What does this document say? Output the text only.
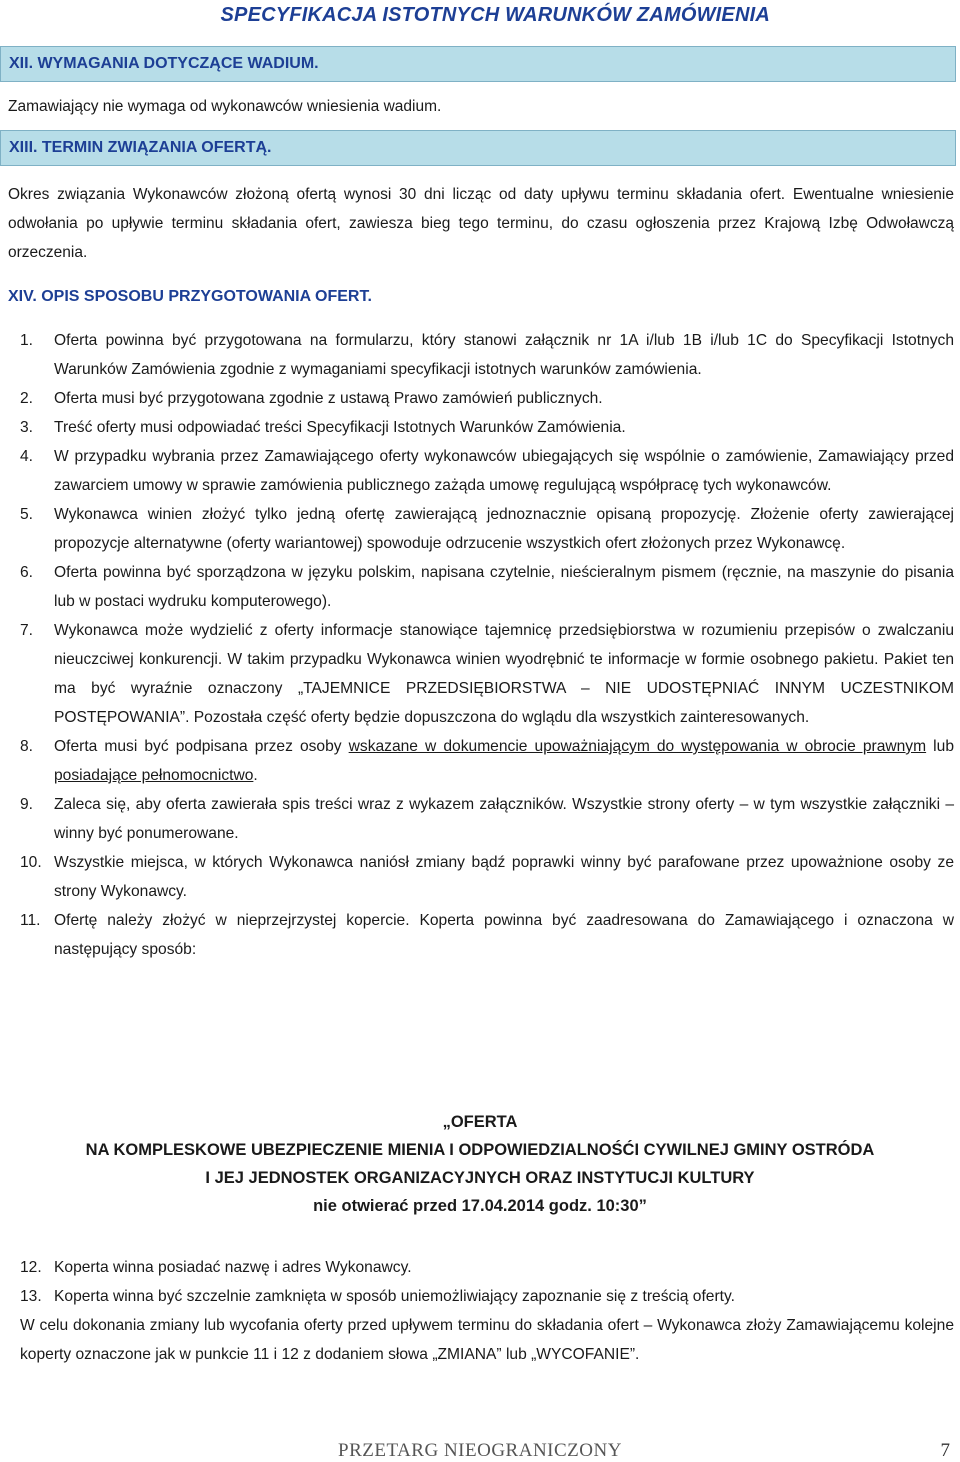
SPECYFIKACJA ISTOTNYCH WARUNKÓW ZAMÓWIENIA
XII. WYMAGANIA DOTYCZĄCE WADIUM.
Zamawiający nie wymaga od wykonawców wniesienia wadium.
XIII. TERMIN ZWIĄZANIA OFERTĄ.
Okres związania Wykonawców złożoną ofertą wynosi 30 dni licząc od daty upływu terminu składania ofert. Ewentualne wniesienie odwołania po upływie terminu składania ofert, zawiesza bieg tego terminu, do czasu ogłoszenia przez Krajową Izbę Odwoławczą orzeczenia.
XIV. OPIS SPOSOBU PRZYGOTOWANIA OFERT.
1. Oferta powinna być przygotowana na formularzu, który stanowi załącznik nr 1A i/lub 1B i/lub 1C do Specyfikacji Istotnych Warunków Zamówienia zgodnie z wymaganiami specyfikacji istotnych warunków zamówienia.
2. Oferta musi być przygotowana zgodnie z ustawą Prawo zamówień publicznych.
3. Treść oferty musi odpowiadać treści Specyfikacji Istotnych Warunków Zamówienia.
4. W przypadku wybrania przez Zamawiającego oferty wykonawców ubiegających się wspólnie o zamówienie, Zamawiający przed zawarciem umowy w sprawie zamówienia publicznego zażąda umowę regulującą współpracę tych wykonawców.
5. Wykonawca winien złożyć tylko jedną ofertę zawierającą jednoznacznie opisaną propozycję. Złożenie oferty zawierającej propozycje alternatywne (oferty wariantowej) spowoduje odrzucenie wszystkich ofert złożonych przez Wykonawcę.
6. Oferta powinna być sporządzona w języku polskim, napisana czytelnie, nieścieralnym pismem (ręcznie, na maszynie do pisania lub w postaci wydruku komputerowego).
7. Wykonawca może wydzielić z oferty informacje stanowiące tajemnicę przedsiębiorstwa w rozumieniu przepisów o zwalczaniu nieuczciwej konkurencji. W takim przypadku Wykonawca winien wyodrębnić te informacje w formie osobnego pakietu. Pakiet ten ma być wyraźnie oznaczony „TAJEMNICE PRZEDSIĘBIORSTWA – NIE UDOSTĘPNIAĆ INNYM UCZESTNIKOM POSTĘPOWANIA”. Pozostała część oferty będzie dopuszczona do wglądu dla wszystkich zainteresowanych.
8. Oferta musi być podpisana przez osoby wskazane w dokumencie upoważniającym do występowania w obrocie prawnym lub posiadające pełnomocnictwo.
9. Zaleca się, aby oferta zawierała spis treści wraz z wykazem załączników. Wszystkie strony oferty – w tym wszystkie załączniki – winny być ponumerowane.
10. Wszystkie miejsca, w których Wykonawca naniósł zmiany bądź poprawki winny być parafowane przez upoważnione osoby ze strony Wykonawcy.
11. Ofertę należy złożyć w nieprzejrzystej kopercie. Koperta powinna być zaadresowana do Zamawiającego i oznaczona w następujący sposób:
„OFERTA
NA KOMPLESKOWE UBEZPIECZENIE MIENIA I ODPOWIEDZIALNOŚĆI CYWILNEJ GMINY OSTRÓDA
I JEJ JEDNOSTEK ORGANIZACYJNYCH ORAZ INSTYTUCJI KULTURY
nie otwierać przed 17.04.2014 godz. 10:30”
12. Koperta winna posiadać nazwę i adres Wykonawcy.
13. Koperta winna być szczelnie zamknięta w sposób uniemożliwiający zapoznanie się z treścią oferty.
W celu dokonania zmiany lub wycofania oferty przed upływem terminu do składania ofert – Wykonawca złoży Zamawiającemu kolejne koperty oznaczone jak w punkcie 11 i 12 z dodaniem słowa „ZMIANA” lub „WYCOFANIE”.
PRZETARG NIEOGRANICZONY	7
